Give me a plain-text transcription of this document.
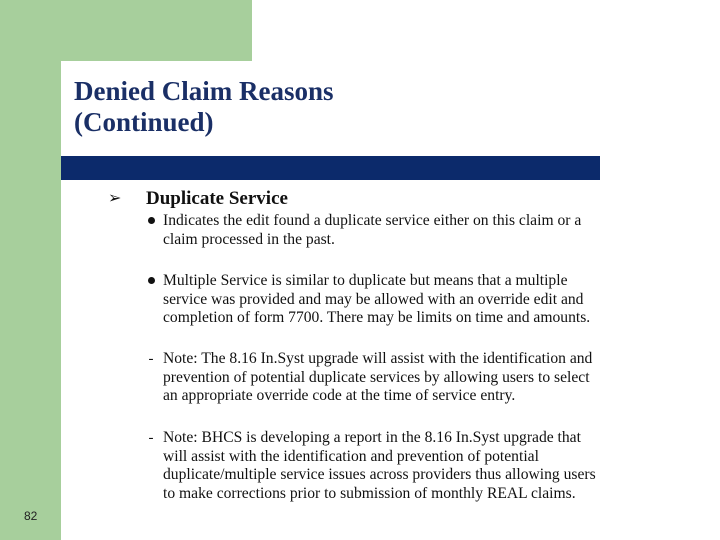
Denied Claim Reasons
(Continued)
➢ Duplicate Service
Indicates the edit found a duplicate service either on this claim or a
claim processed in the past.
Multiple Service is similar to duplicate but means that a multiple
service was provided and may be allowed with an override edit and
completion of form 7700. There may be limits on time and amounts.
- Note: The 8.16 In.Syst upgrade will assist with the identification and
prevention of potential duplicate services by allowing users to select
an appropriate override code at the time of service entry.
- Note: BHCS is developing a report in the 8.16 In.Syst upgrade that
will assist with the identification and prevention of potential
duplicate/multiple service issues across providers thus allowing users
to make corrections prior to submission of monthly REAL claims.
82
